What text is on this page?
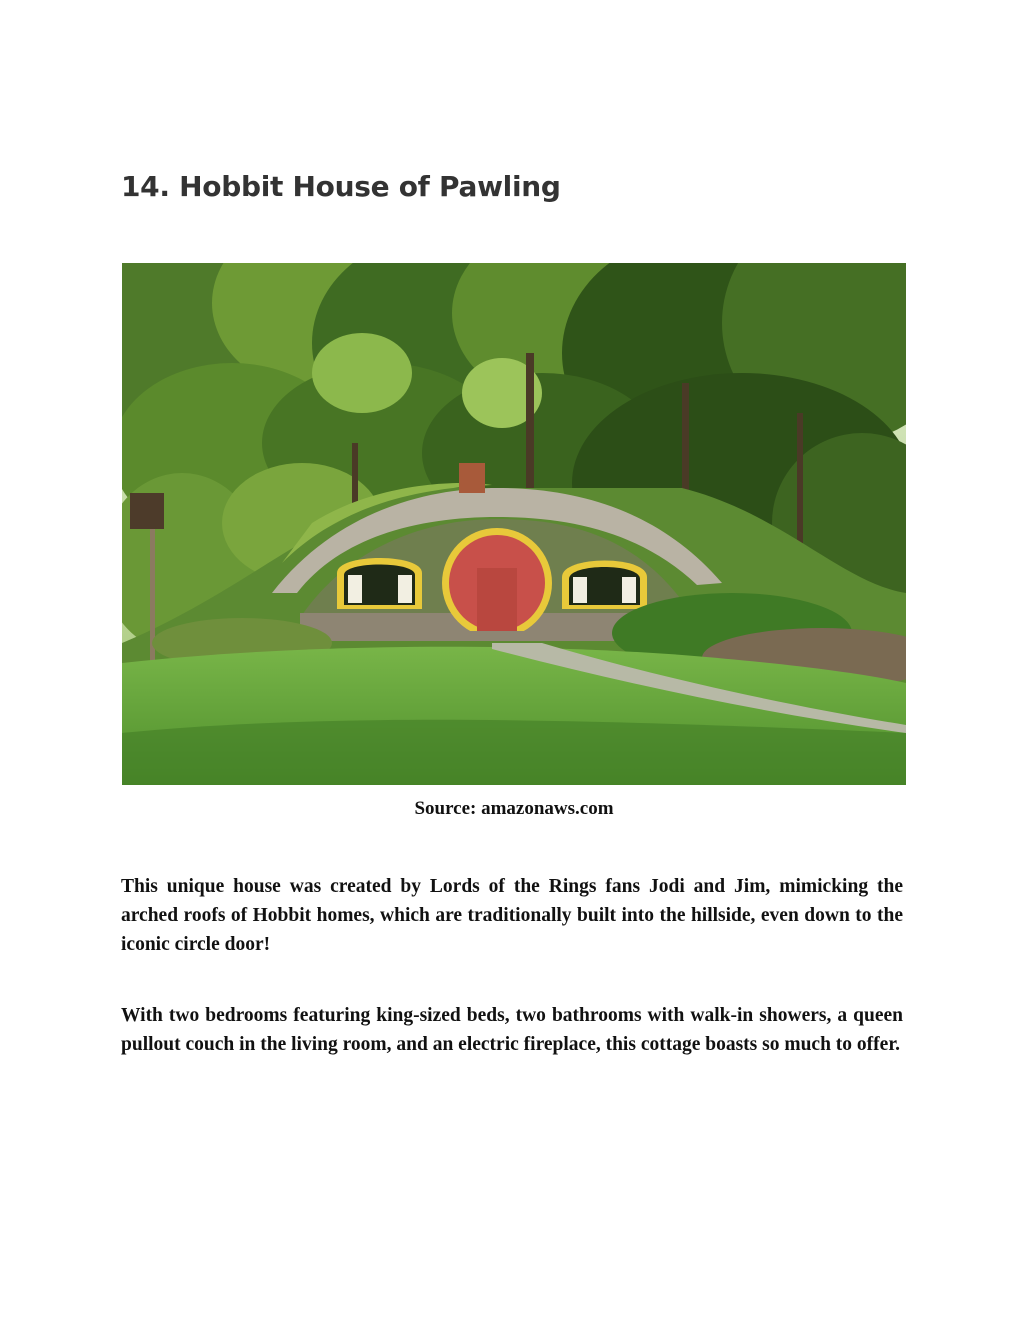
14. Hobbit House of Pawling

Source: amazonaws.com

This unique house was created by Lords of the Rings fans Jodi and Jim, mimicking the arched roofs of Hobbit homes, which are traditionally built into the hillside, even down to the iconic circle door!

With two bedrooms featuring king-sized beds, two bathrooms with walk-in showers, a queen pullout couch in the living room, and an electric fireplace, this cottage boasts so much to offer.
